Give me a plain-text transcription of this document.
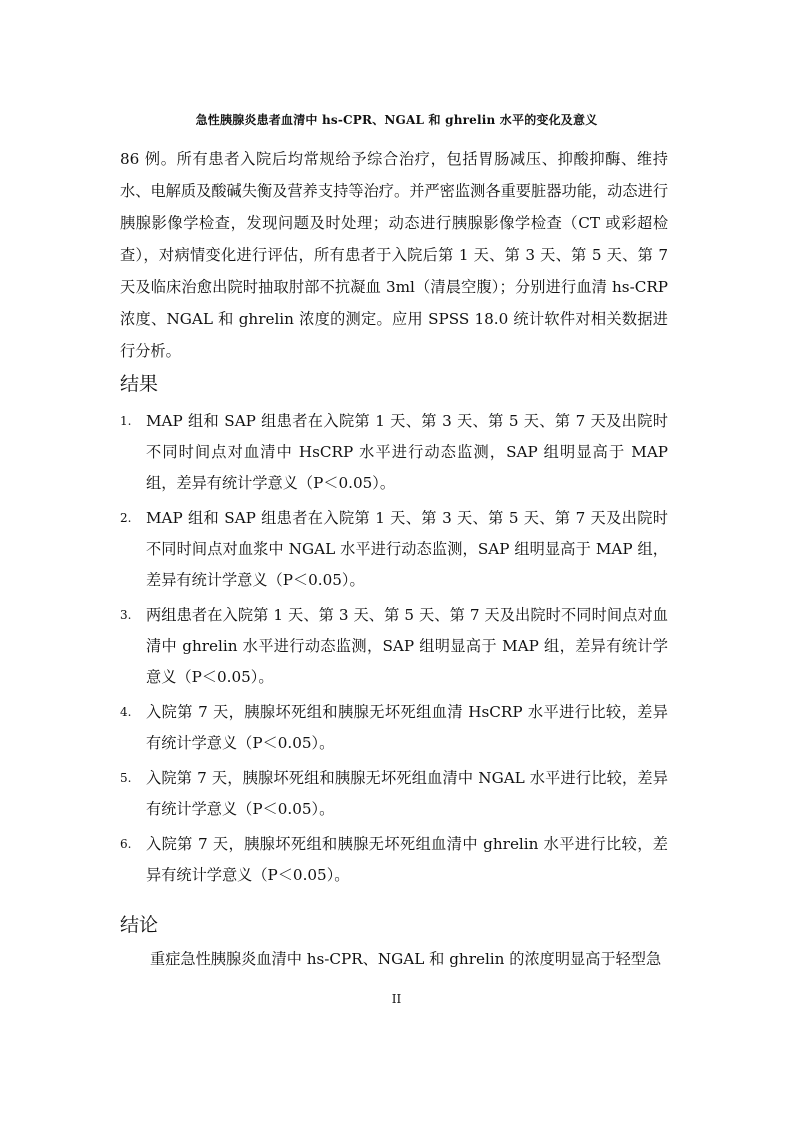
急性胰腺炎患者血清中 hs-CPR、NGAL 和 ghrelin 水平的变化及意义
86 例。所有患者入院后均常规给予综合治疗，包括胃肠减压、抑酸抑酶、维持水、电解质及酸碱失衡及营养支持等治疗。并严密监测各重要脏器功能，动态进行胰腺影像学检查，发现问题及时处理；动态进行胰腺影像学检查（CT 或彩超检查），对病情变化进行评估，所有患者于入院后第 1 天、第 3 天、第 5 天、第 7 天及临床治愈出院时抽取肘部不抗凝血 3ml（清晨空腹）；分别进行血清 hs-CRP 浓度、NGAL 和 ghrelin 浓度的测定。应用 SPSS 18.0 统计软件对相关数据进行分析。
结果
1. MAP 组和 SAP 组患者在入院第 1 天、第 3 天、第 5 天、第 7 天及出院时不同时间点对血清中 HsCRP 水平进行动态监测，SAP 组明显高于 MAP 组，差异有统计学意义（P＜0.05）。
2. MAP 组和 SAP 组患者在入院第 1 天、第 3 天、第 5 天、第 7 天及出院时不同时间点对血浆中 NGAL 水平进行动态监测，SAP 组明显高于 MAP 组，差异有统计学意义（P＜0.05）。
3. 两组患者在入院第 1 天、第 3 天、第 5 天、第 7 天及出院时不同时间点对血清中 ghrelin 水平进行动态监测，SAP 组明显高于 MAP 组，差异有统计学意义（P＜0.05）。
4. 入院第 7 天，胰腺坏死组和胰腺无坏死组血清 HsCRP 水平进行比较，差异有统计学意义（P＜0.05）。
5. 入院第 7 天，胰腺坏死组和胰腺无坏死组血清中 NGAL 水平进行比较，差异有统计学意义（P＜0.05）。
6. 入院第 7 天，胰腺坏死组和胰腺无坏死组血清中 ghrelin 水平进行比较，差异有统计学意义（P＜0.05）。
结论
重症急性胰腺炎血清中 hs-CPR、NGAL 和 ghrelin 的浓度明显高于轻型急
II
